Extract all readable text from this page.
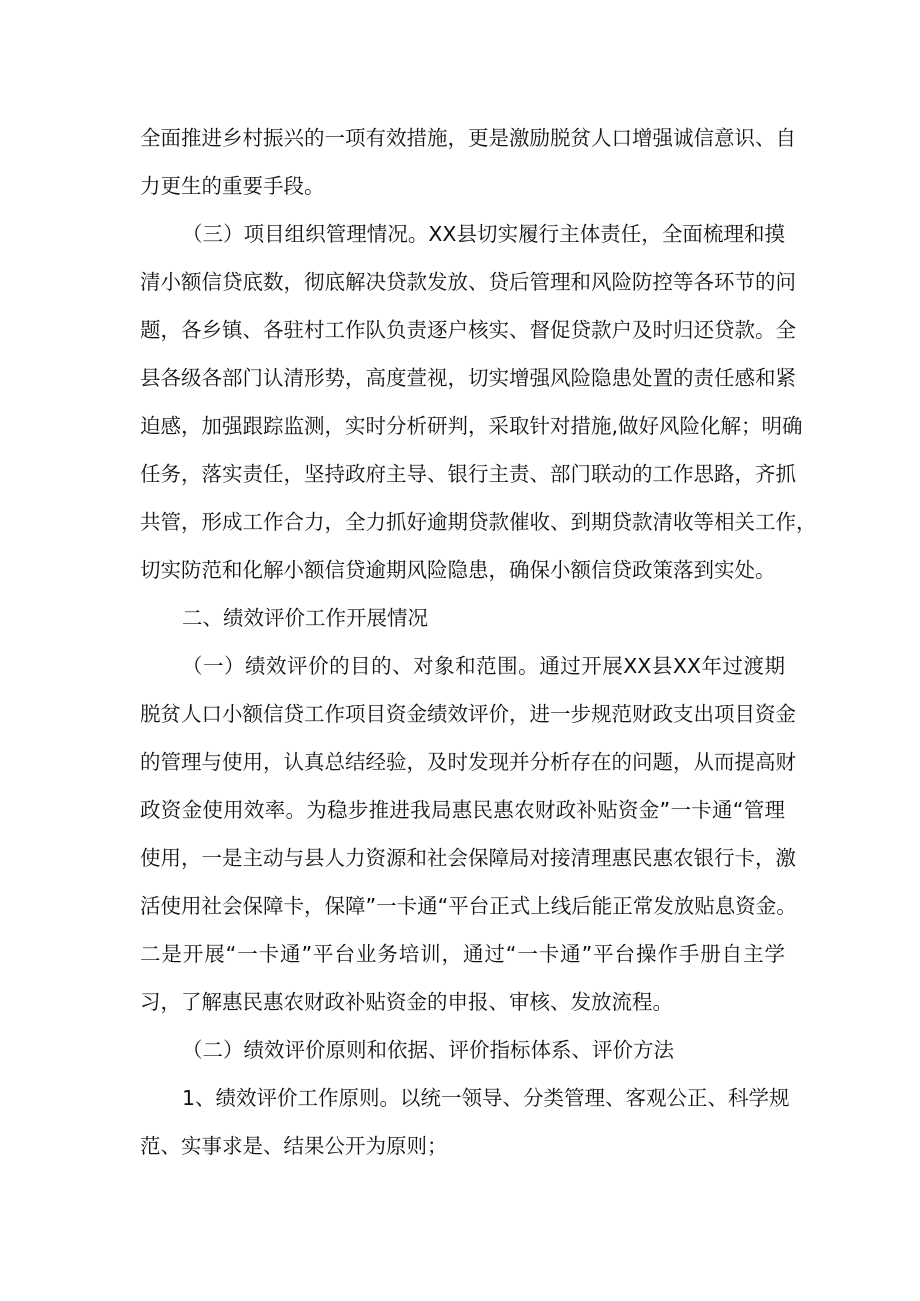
全面推进乡村振兴的一项有效措施，更是激励脱贫人口增强诚信意识、自
力更生的重要手段。
（三）项目组织管理情况。XX县切实履行主体责任，全面梳理和摸
清小额信贷底数，彻底解决贷款发放、贷后管理和风险防控等各环节的问
题，各乡镇、各驻村工作队负责逐户核实、督促贷款户及时归还贷款。全
县各级各部门认清形势，高度萱视，切实增强风险隐患处置的责任感和紧
迫感，加强跟踪监测，实时分析研判，采取针对措施,做好风险化解；明确
任务，落实责任，坚持政府主导、银行主责、部门联动的工作思路，齐抓
共管，形成工作合力，全力抓好逾期贷款催收、到期贷款清收等相关工作，
切实防范和化解小额信贷逾期风险隐患，确保小额信贷政策落到实处。
二、绩效评价工作开展情况
（一）绩效评价的目的、对象和范围。通过开展XX县XX年过渡期
脱贫人口小额信贷工作项目资金绩效评价，进一步规范财政支出项目资金
的管理与使用，认真总结经验，及时发现并分析存在的问题，从而提高财
政资金使用效率。为稳步推进我局惠民惠农财政补贴资金”一卡通“管理
使用，一是主动与县人力资源和社会保障局对接清理惠民惠农银行卡，激
活使用社会保障卡，保障”一卡通“平台正式上线后能正常发放贴息资金。
二是开展“一卡通”平台业务培训，通过“一卡通”平台操作手册自主学
习，了解惠民惠农财政补贴资金的申报、审核、发放流程。
（二）绩效评价原则和依据、评价指标体系、评价方法
1、绩效评价工作原则。以统一领导、分类管理、客观公正、科学规
范、实事求是、结果公开为原则；
